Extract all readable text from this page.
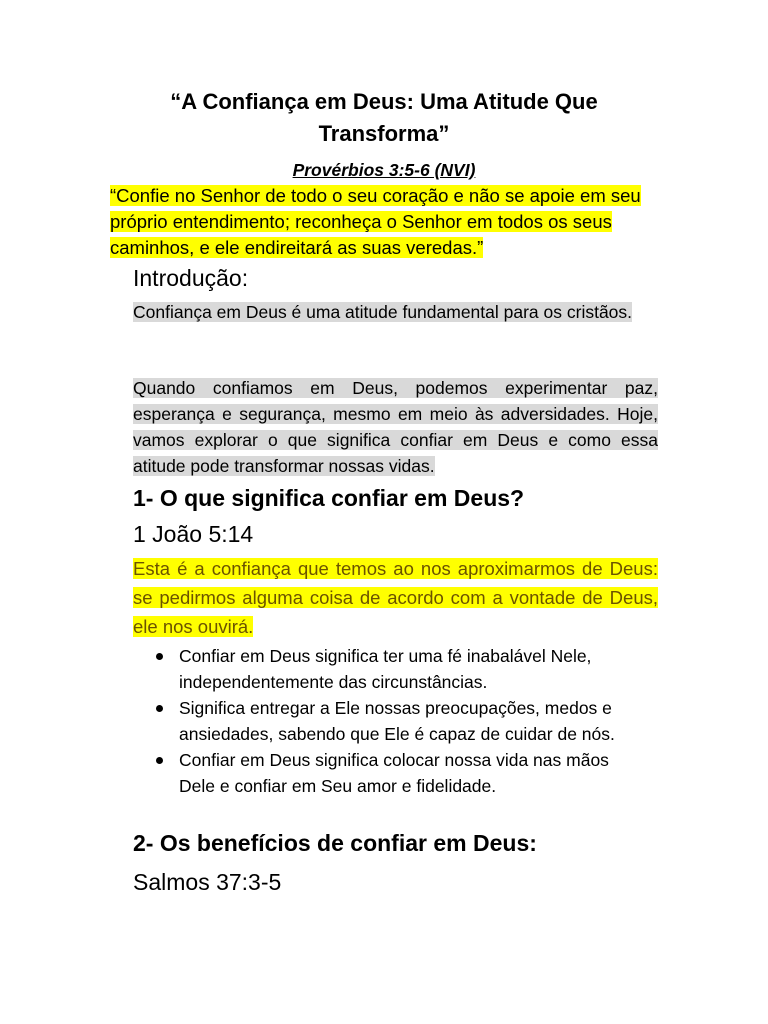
“A Confiança em Deus: Uma Atitude Que Transforma”
Provérbios 3:5-6 (NVI)
“Confie no Senhor de todo o seu coração e não se apoie em seu próprio entendimento; reconheça o Senhor em todos os seus caminhos, e ele endireitará as suas veredas.”
Introdução:
Confiança em Deus é uma atitude fundamental para os cristãos.
Quando confiamos em Deus, podemos experimentar paz, esperança e segurança, mesmo em meio às adversidades. Hoje, vamos explorar o que significa confiar em Deus e como essa atitude pode transformar nossas vidas.
1- O que significa confiar em Deus?
1 João 5:14
Esta é a confiança que temos ao nos aproximarmos de Deus: se pedirmos alguma coisa de acordo com a vontade de Deus, ele nos ouvirá.
Confiar em Deus significa ter uma fé inabalável Nele, independentemente das circunstâncias.
Significa entregar a Ele nossas preocupações, medos e ansiedades, sabendo que Ele é capaz de cuidar de nós.
Confiar em Deus significa colocar nossa vida nas mãos Dele e confiar em Seu amor e fidelidade.
2- Os benefícios de confiar em Deus:
Salmos 37:3-5
